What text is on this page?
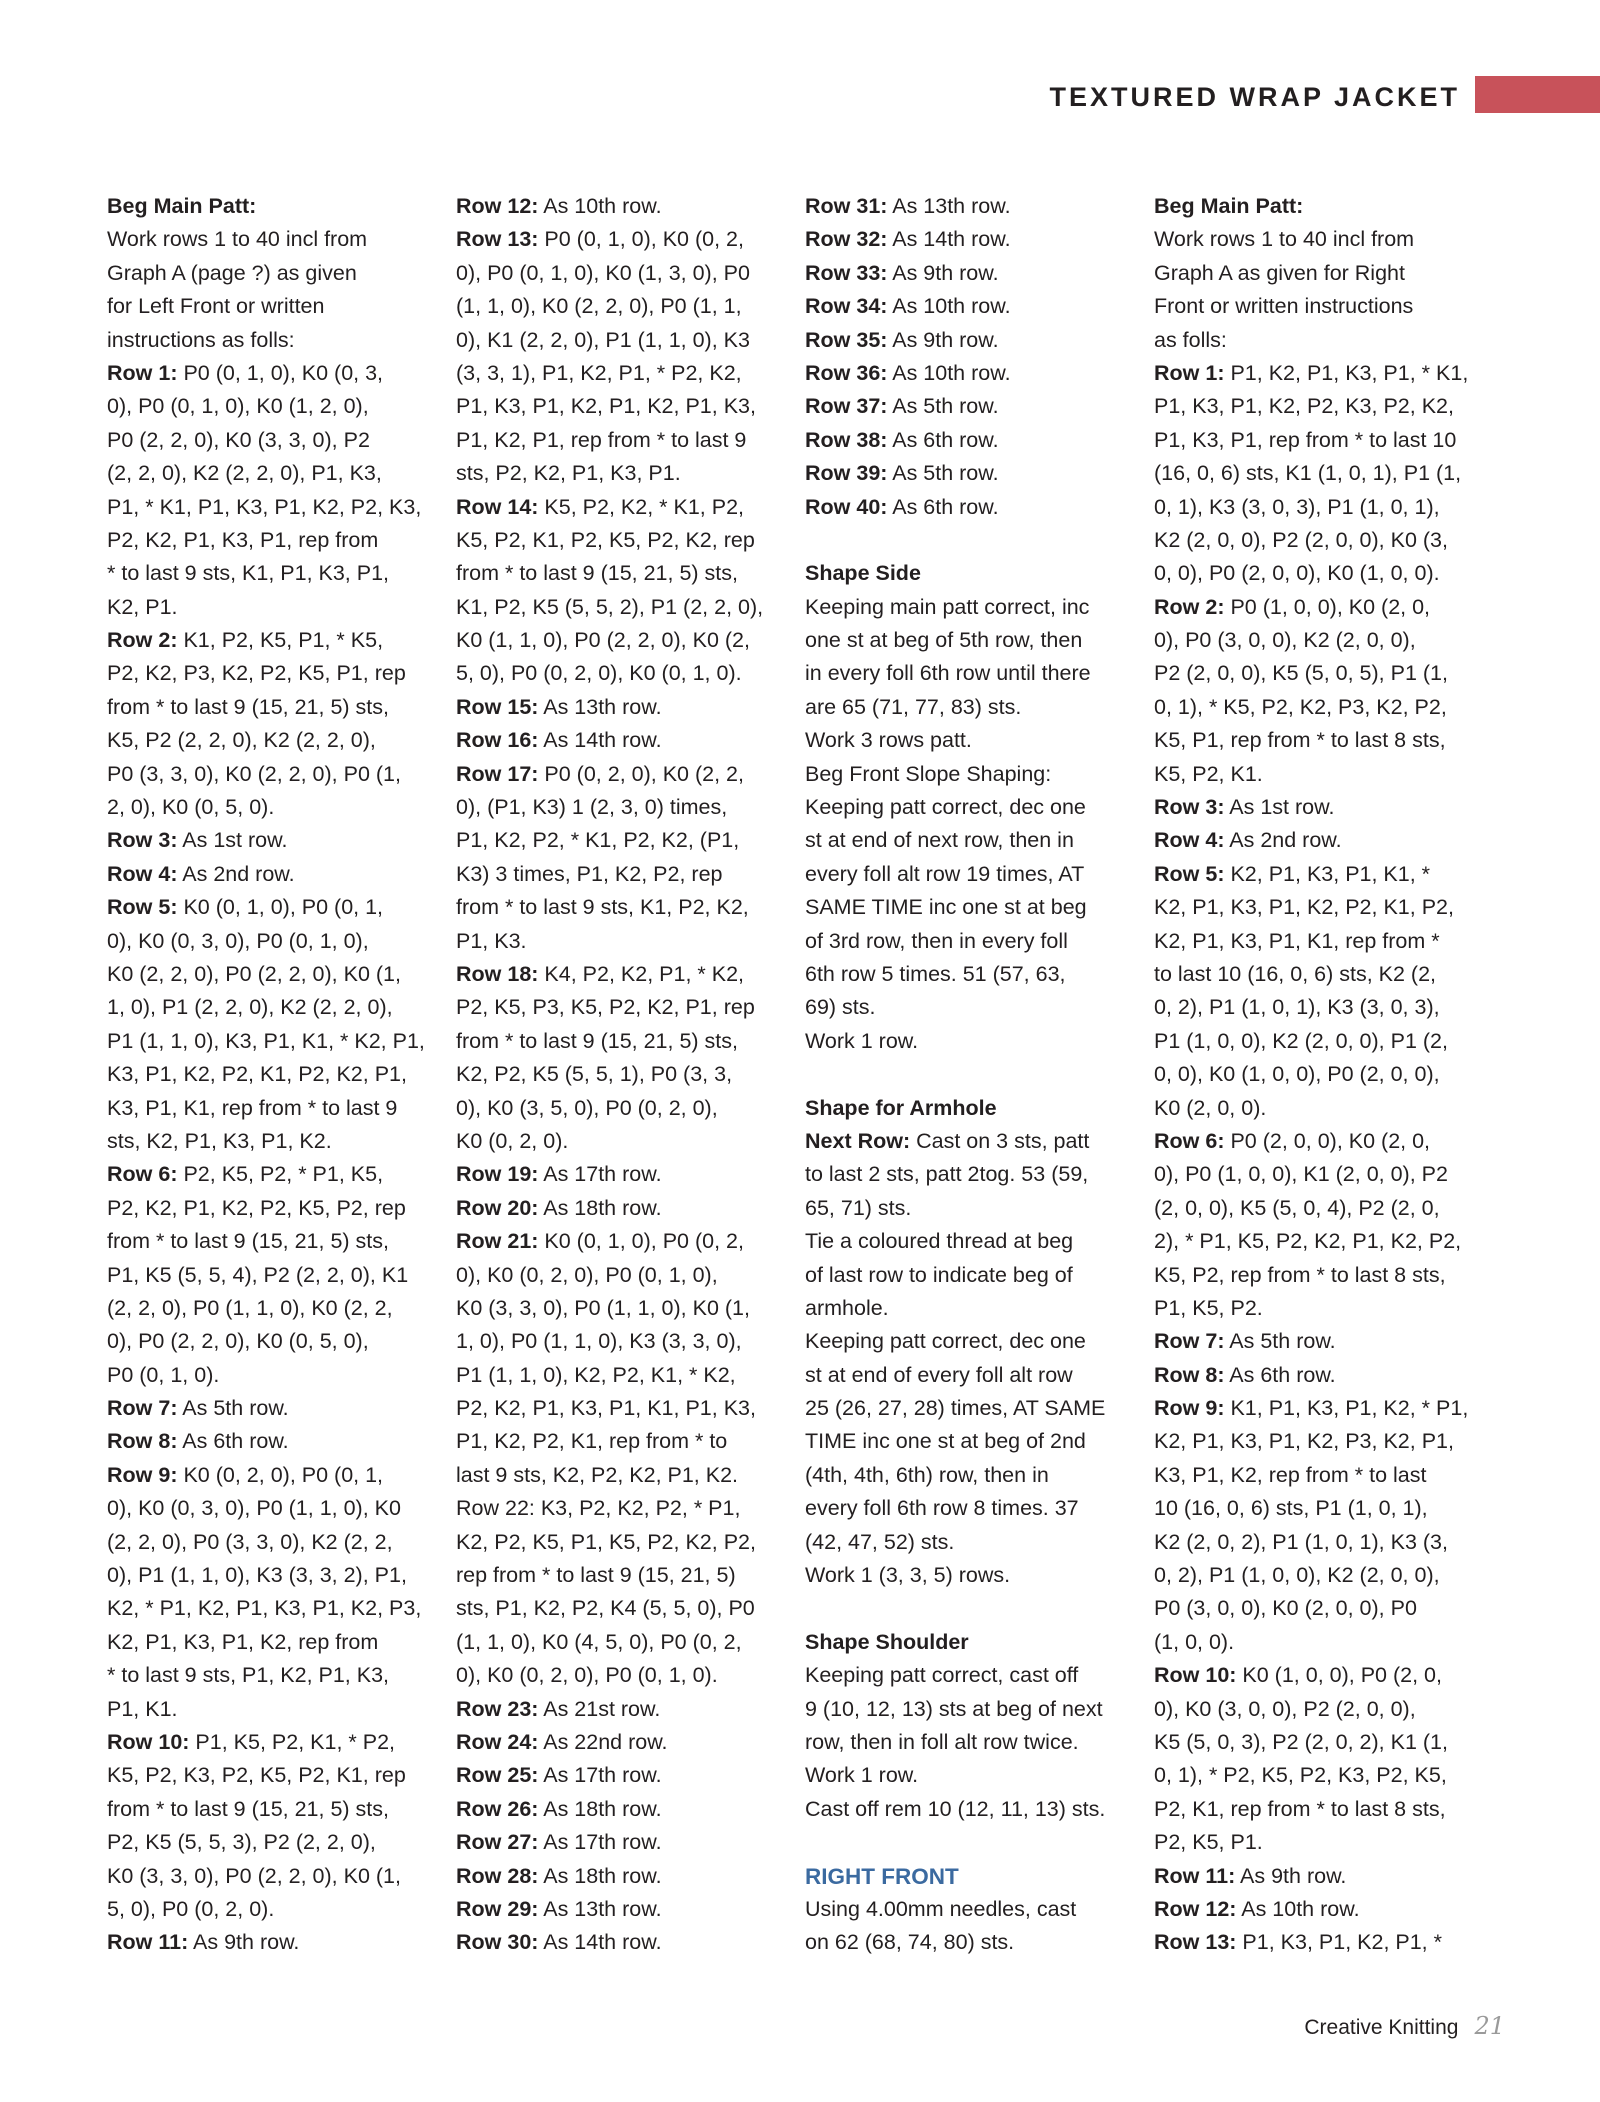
TEXTURED WRAP JACKET
Beg Main Patt:
Work rows 1 to 40 incl from
Graph A (page ?) as given
for Left Front or written
instructions as folls:
Row 1: P0 (0, 1, 0), K0 (0, 3,
0), P0 (0, 1, 0), K0 (1, 2, 0),
P0 (2, 2, 0), K0 (3, 3, 0), P2
(2, 2, 0), K2 (2, 2, 0), P1, K3,
P1, * K1, P1, K3, P1, K2, P2, K3,
P2, K2, P1, K3, P1, rep from
* to last 9 sts, K1, P1, K3, P1,
K2, P1.
Row 2: K1, P2, K5, P1, * K5,
P2, K2, P3, K2, P2, K5, P1, rep
from * to last 9 (15, 21, 5) sts,
K5, P2 (2, 2, 0), K2 (2, 2, 0),
P0 (3, 3, 0), K0 (2, 2, 0), P0 (1,
2, 0), K0 (0, 5, 0).
Row 3: As 1st row.
Row 4: As 2nd row.
Row 5: K0 (0, 1, 0), P0 (0, 1,
0), K0 (0, 3, 0), P0 (0, 1, 0),
K0 (2, 2, 0), P0 (2, 2, 0), K0 (1,
1, 0), P1 (2, 2, 0), K2 (2, 2, 0),
P1 (1, 1, 0), K3, P1, K1, * K2, P1,
K3, P1, K2, P2, K1, P2, K2, P1,
K3, P1, K1, rep from * to last 9
sts, K2, P1, K3, P1, K2.
Row 6: P2, K5, P2, * P1, K5,
P2, K2, P1, K2, P2, K5, P2, rep
from * to last 9 (15, 21, 5) sts,
P1, K5 (5, 5, 4), P2 (2, 2, 0), K1
(2, 2, 0), P0 (1, 1, 0), K0 (2, 2,
0), P0 (2, 2, 0), K0 (0, 5, 0),
P0 (0, 1, 0).
Row 7: As 5th row.
Row 8: As 6th row.
Row 9: K0 (0, 2, 0), P0 (0, 1,
0), K0 (0, 3, 0), P0 (1, 1, 0), K0
(2, 2, 0), P0 (3, 3, 0), K2 (2, 2,
0), P1 (1, 1, 0), K3 (3, 3, 2), P1,
K2, * P1, K2, P1, K3, P1, K2, P3,
K2, P1, K3, P1, K2, rep from
* to last 9 sts, P1, K2, P1, K3,
P1, K1.
Row 10: P1, K5, P2, K1, * P2,
K5, P2, K3, P2, K5, P2, K1, rep
from * to last 9 (15, 21, 5) sts,
P2, K5 (5, 5, 3), P2 (2, 2, 0),
K0 (3, 3, 0), P0 (2, 2, 0), K0 (1,
5, 0), P0 (0, 2, 0).
Row 11: As 9th row.
Row 12: As 10th row.
Row 13: P0 (0, 1, 0), K0 (0, 2,
0), P0 (0, 1, 0), K0 (1, 3, 0), P0
(1, 1, 0), K0 (2, 2, 0), P0 (1, 1,
0), K1 (2, 2, 0), P1 (1, 1, 0), K3
(3, 3, 1), P1, K2, P1, * P2, K2,
P1, K3, P1, K2, P1, K2, P1, K3,
P1, K2, P1, rep from * to last 9
sts, P2, K2, P1, K3, P1.
Row 14: K5, P2, K2, * K1, P2,
K5, P2, K1, P2, K5, P2, K2, rep
from * to last 9 (15, 21, 5) sts,
K1, P2, K5 (5, 5, 2), P1 (2, 2, 0),
K0 (1, 1, 0), P0 (2, 2, 0), K0 (2,
5, 0), P0 (0, 2, 0), K0 (0, 1, 0).
Row 15: As 13th row.
Row 16: As 14th row.
Row 17: P0 (0, 2, 0), K0 (2, 2,
0), (P1, K3) 1 (2, 3, 0) times,
P1, K2, P2, * K1, P2, K2, (P1,
K3) 3 times, P1, K2, P2, rep
from * to last 9 sts, K1, P2, K2,
P1, K3.
Row 18: K4, P2, K2, P1, * K2,
P2, K5, P3, K5, P2, K2, P1, rep
from * to last 9 (15, 21, 5) sts,
K2, P2, K5 (5, 5, 1), P0 (3, 3,
0), K0 (3, 5, 0), P0 (0, 2, 0),
K0 (0, 2, 0).
Row 19: As 17th row.
Row 20: As 18th row.
Row 21: K0 (0, 1, 0), P0 (0, 2,
0), K0 (0, 2, 0), P0 (0, 1, 0),
K0 (3, 3, 0), P0 (1, 1, 0), K0 (1,
1, 0), P0 (1, 1, 0), K3 (3, 3, 0),
P1 (1, 1, 0), K2, P2, K1, * K2,
P2, K2, P1, K3, P1, K1, P1, K3,
P1, K2, P2, K1, rep from * to
last 9 sts, K2, P2, K2, P1, K2.
Row 22: K3, P2, K2, P2, * P1,
K2, P2, K5, P1, K5, P2, K2, P2,
rep from * to last 9 (15, 21, 5)
sts, P1, K2, P2, K4 (5, 5, 0), P0
(1, 1, 0), K0 (4, 5, 0), P0 (0, 2,
0), K0 (0, 2, 0), P0 (0, 1, 0).
Row 23: As 21st row.
Row 24: As 22nd row.
Row 25: As 17th row.
Row 26: As 18th row.
Row 27: As 17th row.
Row 28: As 18th row.
Row 29: As 13th row.
Row 30: As 14th row.
Row 31: As 13th row.
Row 32: As 14th row.
Row 33: As 9th row.
Row 34: As 10th row.
Row 35: As 9th row.
Row 36: As 10th row.
Row 37: As 5th row.
Row 38: As 6th row.
Row 39: As 5th row.
Row 40: As 6th row.
Shape Side
Keeping main patt correct, inc
one st at beg of 5th row, then
in every foll 6th row until there
are 65 (71, 77, 83) sts.
Work 3 rows patt.
Beg Front Slope Shaping:
Keeping patt correct, dec one
st at end of next row, then in
every foll alt row 19 times, AT
SAME TIME inc one st at beg
of 3rd row, then in every foll
6th row 5 times. 51 (57, 63,
69) sts.
Work 1 row.
Shape for Armhole
Next Row: Cast on 3 sts, patt
to last 2 sts, patt 2tog. 53 (59,
65, 71) sts.
Tie a coloured thread at beg
of last row to indicate beg of
armhole.
Keeping patt correct, dec one
st at end of every foll alt row
25 (26, 27, 28) times, AT SAME
TIME inc one st at beg of 2nd
(4th, 4th, 6th) row, then in
every foll 6th row 8 times. 37
(42, 47, 52) sts.
Work 1 (3, 3, 5) rows.
Shape Shoulder
Keeping patt correct, cast off
9 (10, 12, 13) sts at beg of next
row, then in foll alt row twice.
Work 1 row.
Cast off rem 10 (12, 11, 13) sts.
RIGHT FRONT
Using 4.00mm needles, cast
on 62 (68, 74, 80) sts.
Beg Main Patt:
Work rows 1 to 40 incl from
Graph A as given for Right
Front or written instructions
as folls:
Row 1: P1, K2, P1, K3, P1, * K1,
P1, K3, P1, K2, P2, K3, P2, K2,
P1, K3, P1, rep from * to last 10
(16, 0, 6) sts, K1 (1, 0, 1), P1 (1,
0, 1), K3 (3, 0, 3), P1 (1, 0, 1),
K2 (2, 0, 0), P2 (2, 0, 0), K0 (3,
0, 0), P0 (2, 0, 0), K0 (1, 0, 0).
Row 2: P0 (1, 0, 0), K0 (2, 0,
0), P0 (3, 0, 0), K2 (2, 0, 0),
P2 (2, 0, 0), K5 (5, 0, 5), P1 (1,
0, 1), * K5, P2, K2, P3, K2, P2,
K5, P1, rep from * to last 8 sts,
K5, P2, K1.
Row 3: As 1st row.
Row 4: As 2nd row.
Row 5: K2, P1, K3, P1, K1, *
K2, P1, K3, P1, K2, P2, K1, P2,
K2, P1, K3, P1, K1, rep from *
to last 10 (16, 0, 6) sts, K2 (2,
0, 2), P1 (1, 0, 1), K3 (3, 0, 3),
P1 (1, 0, 0), K2 (2, 0, 0), P1 (2,
0, 0), K0 (1, 0, 0), P0 (2, 0, 0),
K0 (2, 0, 0).
Row 6: P0 (2, 0, 0), K0 (2, 0,
0), P0 (1, 0, 0), K1 (2, 0, 0), P2
(2, 0, 0), K5 (5, 0, 4), P2 (2, 0,
2), * P1, K5, P2, K2, P1, K2, P2,
K5, P2, rep from * to last 8 sts,
P1, K5, P2.
Row 7: As 5th row.
Row 8: As 6th row.
Row 9: K1, P1, K3, P1, K2, * P1,
K2, P1, K3, P1, K2, P3, K2, P1,
K3, P1, K2, rep from * to last
10 (16, 0, 6) sts, P1 (1, 0, 1),
K2 (2, 0, 2), P1 (1, 0, 1), K3 (3,
0, 2), P1 (1, 0, 0), K2 (2, 0, 0),
P0 (3, 0, 0), K0 (2, 0, 0), P0
(1, 0, 0).
Row 10: K0 (1, 0, 0), P0 (2, 0,
0), K0 (3, 0, 0), P2 (2, 0, 0),
K5 (5, 0, 3), P2 (2, 0, 2), K1 (1,
0, 1), * P2, K5, P2, K3, P2, K5,
P2, K1, rep from * to last 8 sts,
P2, K5, P1.
Row 11: As 9th row.
Row 12: As 10th row.
Row 13: P1, K3, P1, K2, P1, *
Creative Knitting 21
